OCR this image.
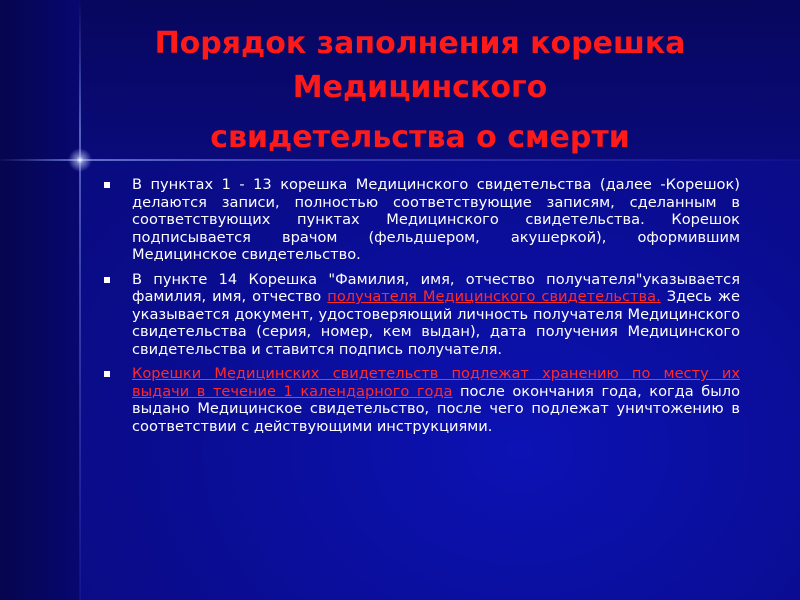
Порядок заполнения корешка
Медицинского
свидетельства о смерти
В пунктах 1 - 13 корешка Медицинского свидетельства (далее -Корешок) делаются записи, полностью соответствующие записям, сделанным в соответствующих пунктах Медицинского свидетельства. Корешок подписывается врачом (фельдшером, акушеркой), оформившим Медицинское свидетельство.
В пункте 14 Корешка "Фамилия, имя, отчество получателя"указывается фамилия, имя, отчество получателя Медицинского свидетельства. Здесь же указывается документ, удостоверяющий личность получателя Медицинского свидетельства (серия, номер, кем выдан), дата получения Медицинского свидетельства и ставится подпись получателя.
Корешки Медицинских свидетельств подлежат хранению по месту их выдачи в течение 1 календарного года после окончания года, когда было выдано Медицинское свидетельство, после чего подлежат уничтожению в соответствии с действующими инструкциями.
